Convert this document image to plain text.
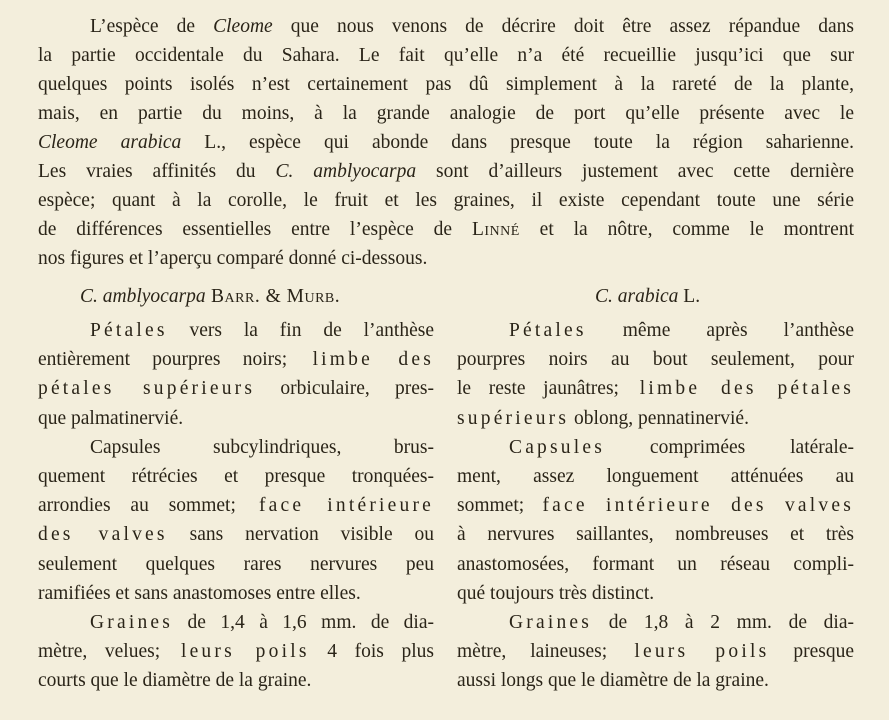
L’espèce de Cleome que nous venons de décrire doit être assez répandue dans
la partie occidentale du Sahara. Le fait qu’elle n’a été recueillie jusqu’ici que sur
quelques points isolés n’est certainement pas dû simplement à la rareté de la plante,
mais, en partie du moins, à la grande analogie de port qu’elle présente avec le
Cleome arabica L., espèce qui abonde dans presque toute la région saharienne.
Les vraies affinités du C. amblyocarpa sont d’ailleurs justement avec cette dernière
espèce; quant à la corolle, le fruit et les graines, il existe cependant toute une série
de différences essentielles entre l’espèce de Linné et la nôtre, comme le montrent
nos figures et l’aperçu comparé donné ci-dessous.
C. amblyocarpa Barr. & Murb.
Pétales vers la fin de l’anthèse
entièrement pourpres noirs; limbe des
pétales supérieurs orbiculaire, pres-
que palmatinervié.
Capsules subcylindriques, brus-
quement rétrécies et presque tronquées-
arrondies au sommet; face intérieure
des valves sans nervation visible ou
seulement quelques rares nervures peu
ramifiées et sans anastomoses entre elles.
Graines de 1,4 à 1,6 mm. de dia-
mètre, velues; leurs poils 4 fois plus
courts que le diamètre de la graine.
C. arabica L.
Pétales même après l’anthèse
pourpres noirs au bout seulement, pour
le reste jaunâtres; limbe des pétales
supérieurs oblong, pennatinervié.
Capsules comprimées latérale-
ment, assez longuement atténuées au
sommet; face intérieure des valves
à nervures saillantes, nombreuses et très
anastomosées, formant un réseau compli-
qué toujours très distinct.
Graines de 1,8 à 2 mm. de dia-
mètre, laineuses; leurs poils presque
aussi longs que le diamètre de la graine.
